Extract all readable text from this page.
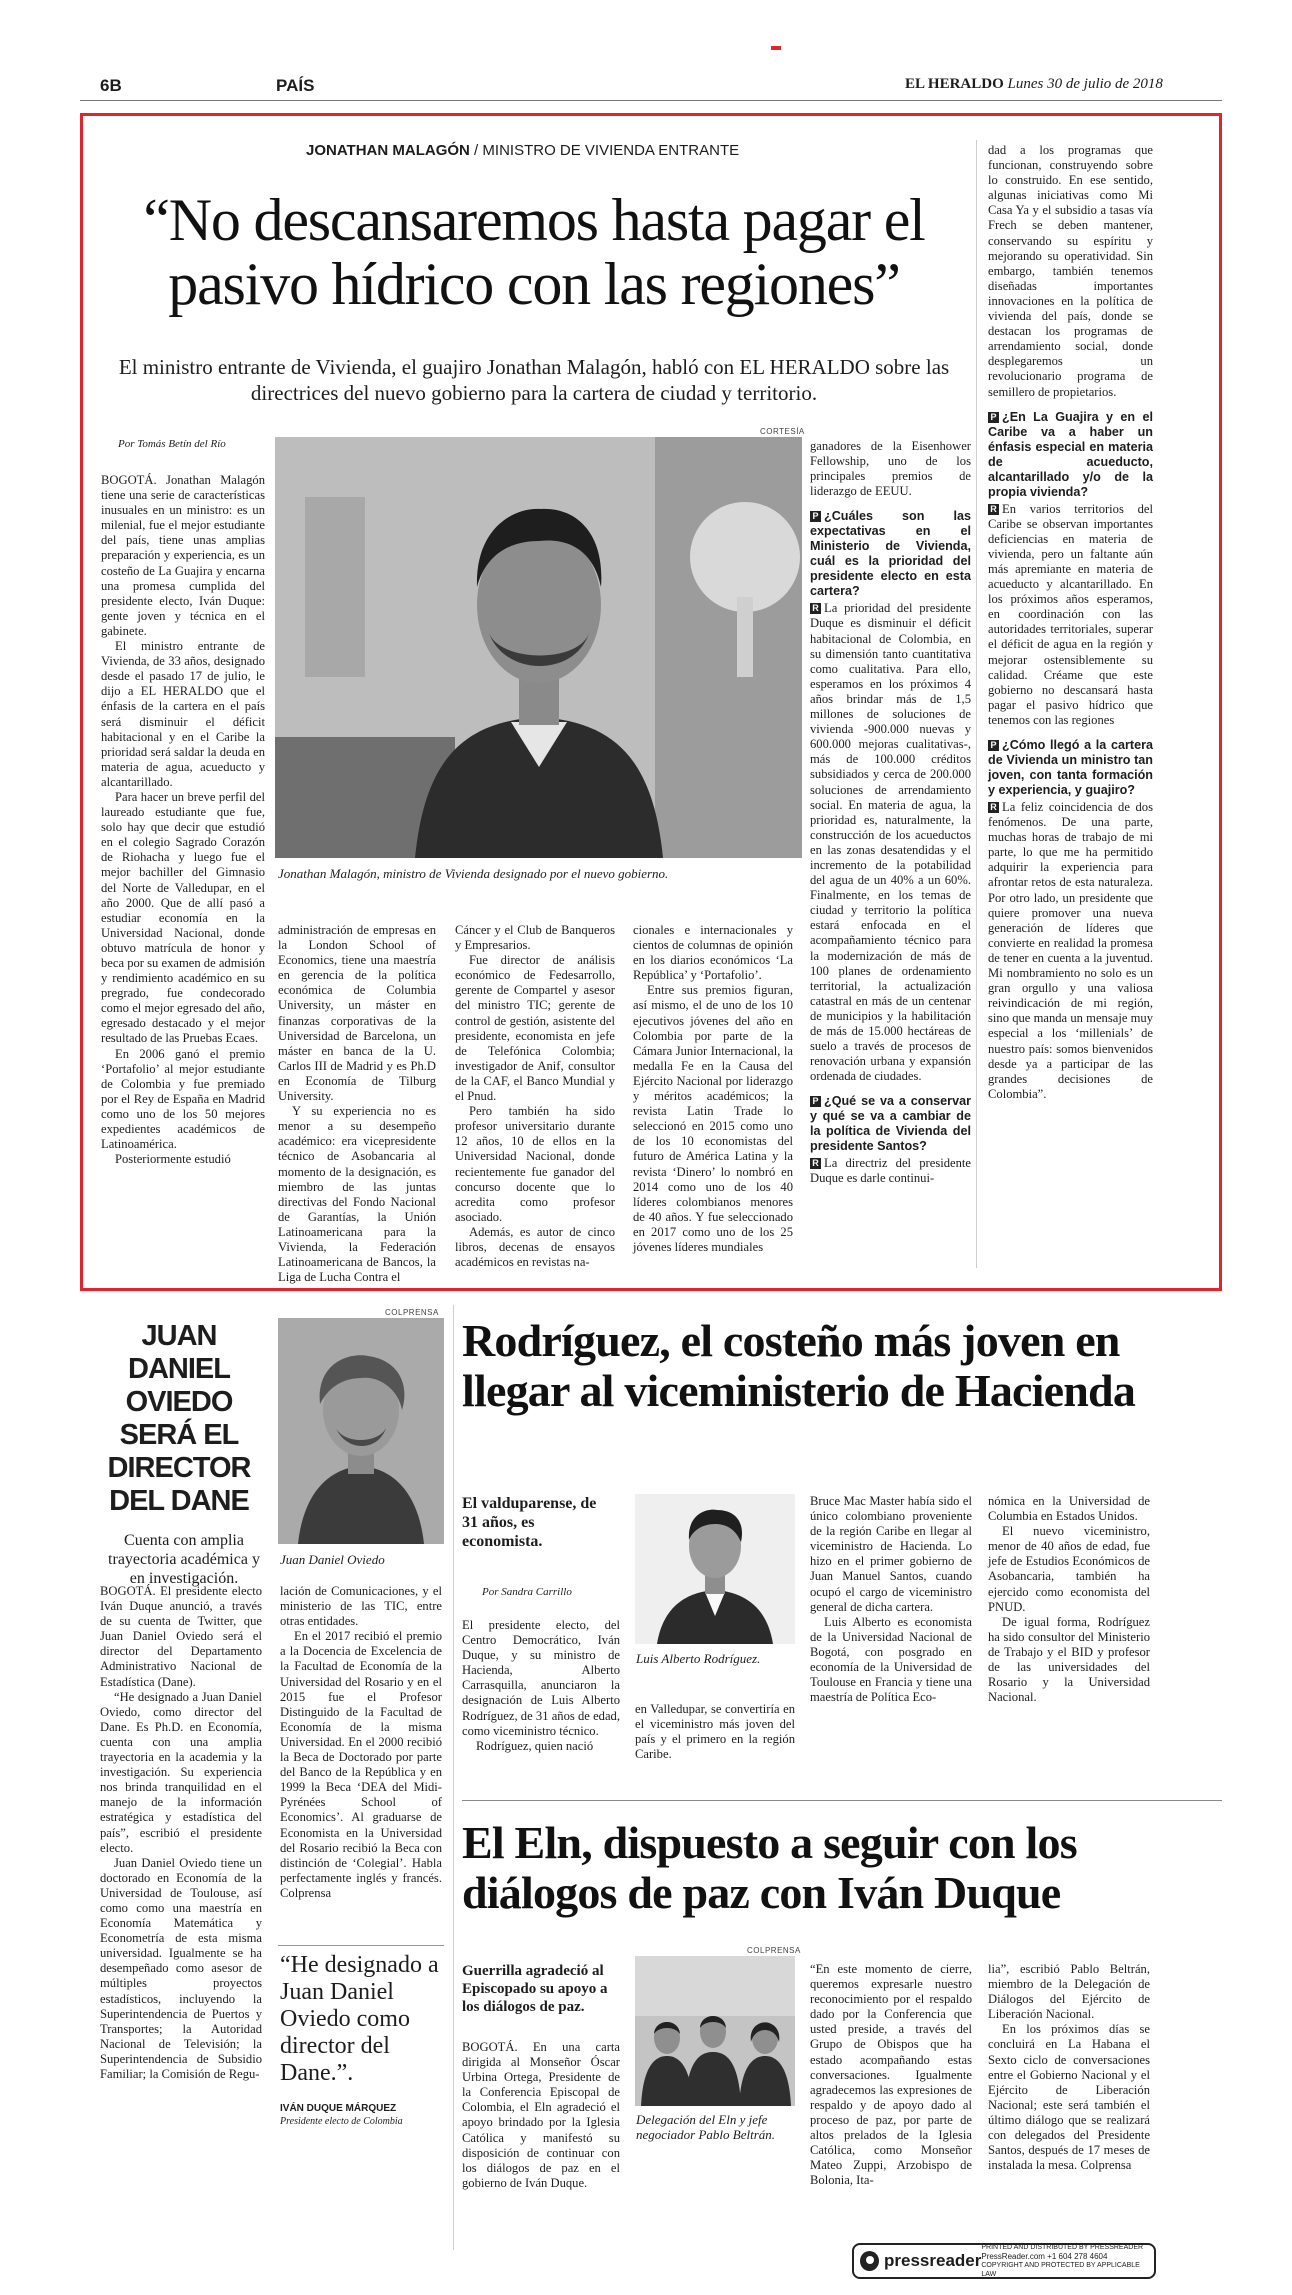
6B	PAÍS	EL HERALDO Lunes 30 de julio de 2018
JONATHAN MALAGÓN / MINISTRO DE VIVIENDA ENTRANTE
“No descansaremos hasta pagar el pasivo hídrico con las regiones”
El ministro entrante de Vivienda, el guajiro Jonathan Malagón, habló con EL HERALDO sobre las directrices del nuevo gobierno para la cartera de ciudad y territorio.
Por Tomás Betín del Río
CORTESÍA
Jonathan Malagón, ministro de Vivienda designado por el nuevo gobierno.

BOGOTÁ. Jonathan Malagón tiene una serie de características inusuales en un ministro: es un milenial, fue el mejor estudiante del país, tiene unas amplias preparación y experiencia, es un costeño de La Guajira y encarna una promesa cumplida del presidente electo, Iván Duque: gente joven y técnica en el gabinete.

El ministro entrante de Vivienda, de 33 años, designado desde el pasado 17 de julio, le dijo a EL HERALDO que el énfasis de la cartera en el país será disminuir el déficit habitacional y en el Caribe la prioridad será saldar la deuda en materia de agua, acueducto y alcantarillado.

Para hacer un breve perfil del laureado estudiante que fue, solo hay que decir que estudió en el colegio Sagrado Corazón de Riohacha y luego fue el mejor bachiller del Gimnasio del Norte de Valledupar, en el año 2000. Que de allí pasó a estudiar economía en la Universidad Nacional, donde obtuvo matrícula de honor y beca por su examen de admisión y rendimiento académico en su pregrado, fue condecorado como el mejor egresado del año, egresado destacado y el mejor resultado de las Pruebas Ecaes.

En 2006 ganó el premio ‘Portafolio’ al mejor estudiante de Colombia y fue premiado por el Rey de España en Madrid como uno de los 50 mejores expedientes académicos de Latinoamérica.

Posteriormente estudió

administración de empresas en la London School of Economics, tiene una maestría en gerencia de la política económica de Columbia University, un máster en finanzas corporativas de la Universidad de Barcelona, un máster en banca de la U. Carlos III de Madrid y es Ph.D en Economía de Tilburg University.

Y su experiencia no es menor a su desempeño académico: era vicepresidente técnico de Asobancaria al momento de la designación, es miembro de las juntas directivas del Fondo Nacional de Garantías, la Unión Latinoamericana para la Vivienda, la Federación Latinoamericana de Bancos, la Liga de Lucha Contra el

Cáncer y el Club de Banqueros y Empresarios.

Fue director de análisis económico de Fedesarrollo, gerente de Compartel y asesor del ministro TIC; gerente de control de gestión, asistente del presidente, economista en jefe de Telefónica Colombia; investigador de Anif, consultor de la CAF, el Banco Mundial y el Pnud.

Pero también ha sido profesor universitario durante 12 años, 10 de ellos en la Universidad Nacional, donde recientemente fue ganador del concurso docente que lo acredita como profesor asociado.

Además, es autor de cinco libros, decenas de ensayos académicos en revistas na-

cionales e internacionales y cientos de columnas de opinión en los diarios económicos ‘La República’ y ‘Portafolio’.

Entre sus premios figuran, así mismo, el de uno de los 10 ejecutivos jóvenes del año en Colombia por parte de la Cámara Junior Internacional, la medalla Fe en la Causa del Ejército Nacional por liderazgo y méritos académicos; la revista Latin Trade lo seleccionó en 2015 como uno de los 10 economistas del futuro de América Latina y la revista ‘Dinero’ lo nombró en 2014 como uno de los 40 líderes colombianos menores de 40 años. Y fue seleccionado en 2017 como uno de los 25 jóvenes líderes mundiales

ganadores de la Eisenhower Fellowship, uno de los principales premios de liderazgo de EEUU.

P ¿Cuáles son las expectativas en el Ministerio de Vivienda, cuál es la prioridad del presidente electo en esta cartera?

R La prioridad del presidente Duque es disminuir el déficit habitacional de Colombia, en su dimensión tanto cuantitativa como cualitativa. Para ello, esperamos en los próximos 4 años brindar más de 1,5 millones de soluciones de vivienda -900.000 nuevas y 600.000 mejoras cualitativas-, más de 100.000 créditos subsidiados y cerca de 200.000 soluciones de arrendamiento social. En materia de agua, la prioridad es, naturalmente, la construcción de los acueductos en las zonas desatendidas y el incremento de la potabilidad del agua de un 40% a un 60%. Finalmente, en los temas de ciudad y territorio la política estará enfocada en el acompañamiento técnico para la modernización de más de 100 planes de ordenamiento territorial, la actualización catastral en más de un centenar de municipios y la habilitación de más de 15.000 hectáreas de suelo a través de procesos de renovación urbana y expansión ordenada de ciudades.

P ¿Qué se va a conservar y qué se va a cambiar de la política de Vivienda del presidente Santos?

R La directriz del presidente Duque es darle continui-

dad a los programas que funcionan, construyendo sobre lo construido. En ese sentido, algunas iniciativas como Mi Casa Ya y el subsidio a tasas vía Frech se deben mantener, conservando su espíritu y mejorando su operatividad. Sin embargo, también tenemos diseñadas importantes innovaciones en la política de vivienda del país, donde se destacan los programas de arrendamiento social, donde desplegaremos un revolucionario programa de semillero de propietarios.

P ¿En La Guajira y en el Caribe va a haber un énfasis especial en materia de acueducto, alcantarillado y/o de la propia vivienda?

R En varios territorios del Caribe se observan importantes deficiencias en materia de vivienda, pero un faltante aún más apremiante en materia de acueducto y alcantarillado. En los próximos años esperamos, en coordinación con las autoridades territoriales, superar el déficit de agua en la región y mejorar ostensiblemente su calidad. Créame que este gobierno no descansará hasta pagar el pasivo hídrico que tenemos con las regiones

P ¿Cómo llegó a la cartera de Vivienda un ministro tan joven, con tanta formación y experiencia, y guajiro?

R La feliz coincidencia de dos fenómenos. De una parte, muchas horas de trabajo de mi parte, lo que me ha permitido adquirir la experiencia para afrontar retos de esta naturaleza. Por otro lado, un presidente que quiere promover una nueva generación de líderes que convierte en realidad la promesa de tener en cuenta a la juventud. Mi nombramiento no solo es un gran orgullo y una valiosa reivindicación de mi región, sino que manda un mensaje muy especial a los ‘millenials’ de nuestro país: somos bienvenidos desde ya a participar de las grandes decisiones de Colombia”.

JUAN DANIEL OVIEDO SERÁ EL DIRECTOR DEL DANE
Cuenta con amplia trayectoria académica y en investigación.
COLPRENSA
Juan Daniel Oviedo

BOGOTÁ. El presidente electo Iván Duque anunció, a través de su cuenta de Twitter, que Juan Daniel Oviedo será el director del Departamento Administrativo Nacional de Estadística (Dane).

“He designado a Juan Daniel Oviedo, como director del Dane. Es Ph.D. en Economía, cuenta con una amplia trayectoria en la academia y la investigación. Su experiencia nos brinda tranquilidad en el manejo de la información estratégica y estadística del país”, escribió el presidente electo.

Juan Daniel Oviedo tiene un doctorado en Economía de la Universidad de Toulouse, así como como una maestría en Economía Matemática y Econometría de esta misma universidad. Igualmente se ha desempeñado como asesor de múltiples proyectos estadísticos, incluyendo la Superintendencia de Puertos y Transportes; la Autoridad Nacional de Televisión; la Superintendencia de Subsidio Familiar; la Comisión de Regu-

lación de Comunicaciones, y el ministerio de las TIC, entre otras entidades.

En el 2017 recibió el premio a la Docencia de Excelencia de la Facultad de Economía de la Universidad del Rosario y en el 2015 fue el Profesor Distinguido de la Facultad de Economía de la misma Universidad. En el 2000 recibió la Beca de Doctorado por parte del Banco de la República y en 1999 la Beca ‘DEA del Midi-Pyrénées School of Economics’. Al graduarse de Economista en la Universidad del Rosario recibió la Beca con distinción de ‘Colegial’. Habla perfectamente inglés y francés. Colprensa

“He designado a Juan Daniel Oviedo como director del Dane.”.
IVÁN DUQUE MÁRQUEZ
Presidente electo de Colombia
Rodríguez, el costeño más joven en llegar al viceministerio de Hacienda
El valduparense, de 31 años, es economista.
Por Sandra Carrillo
Luis Alberto Rodríguez.

El presidente electo, del Centro Democrático, Iván Duque, y su ministro de Hacienda, Alberto Carrasquilla, anunciaron la designación de Luis Alberto Rodríguez, de 31 años de edad, como viceministro técnico.

Rodríguez, quien nació

en Valledupar, se convertiría en el viceministro más joven del país y el primero en la región Caribe.

Bruce Mac Master había sido el único colombiano proveniente de la región Caribe en llegar al viceministro de Hacienda. Lo hizo en el primer gobierno de Juan Manuel Santos, cuando ocupó el cargo de viceministro general de dicha cartera.

Luis Alberto es economista de la Universidad Nacional de Bogotá, con posgrado en economía de la Universidad de Toulouse en Francia y tiene una maestría de Política Eco-

nómica en la Universidad de Columbia en Estados Unidos.

El nuevo viceministro, menor de 40 años de edad, fue jefe de Estudios Económicos de Asobancaria, también ha ejercido como economista del PNUD.

De igual forma, Rodríguez ha sido consultor del Ministerio de Trabajo y el BID y profesor de las universidades del Rosario y la Universidad Nacional.

El Eln, dispuesto a seguir con los diálogos de paz con Iván Duque
Guerrilla agradeció al Episcopado su apoyo a los diálogos de paz.
COLPRENSA
Delegación del Eln y jefe negociador Pablo Beltrán.

BOGOTÁ. En una carta dirigida al Monseñor Óscar Urbina Ortega, Presidente de la Conferencia Episcopal de Colombia, el Eln agradeció el apoyo brindado por la Iglesia Católica y manifestó su disposición de continuar con los diálogos de paz en el gobierno de Iván Duque.

“En este momento de cierre, queremos expresarle nuestro reconocimiento por el respaldo dado por la Conferencia que usted preside, a través del Grupo de Obispos que ha estado acompañando estas conversaciones. Igualmente agradecemos las expresiones de respaldo y de apoyo dado al proceso de paz, por parte de altos prelados de la Iglesia Católica, como Monseñor Mateo Zuppi, Arzobispo de Bolonia, Ita-

lia”, escribió Pablo Beltrán, miembro de la Delegación de Diálogos del Ejército de Liberación Nacional.

En los próximos días se concluirá en La Habana el Sexto ciclo de conversaciones entre el Gobierno Nacional y el Ejército de Liberación Nacional; este será también el último diálogo que se realizará con delegados del Presidente Santos, después de 17 meses de instalada la mesa. Colprensa

pressreader
PRINTED AND DISTRIBUTED BY PRESSREADER
PressReader.com +1 604 278 4604
COPYRIGHT AND PROTECTED BY APPLICABLE LAW
